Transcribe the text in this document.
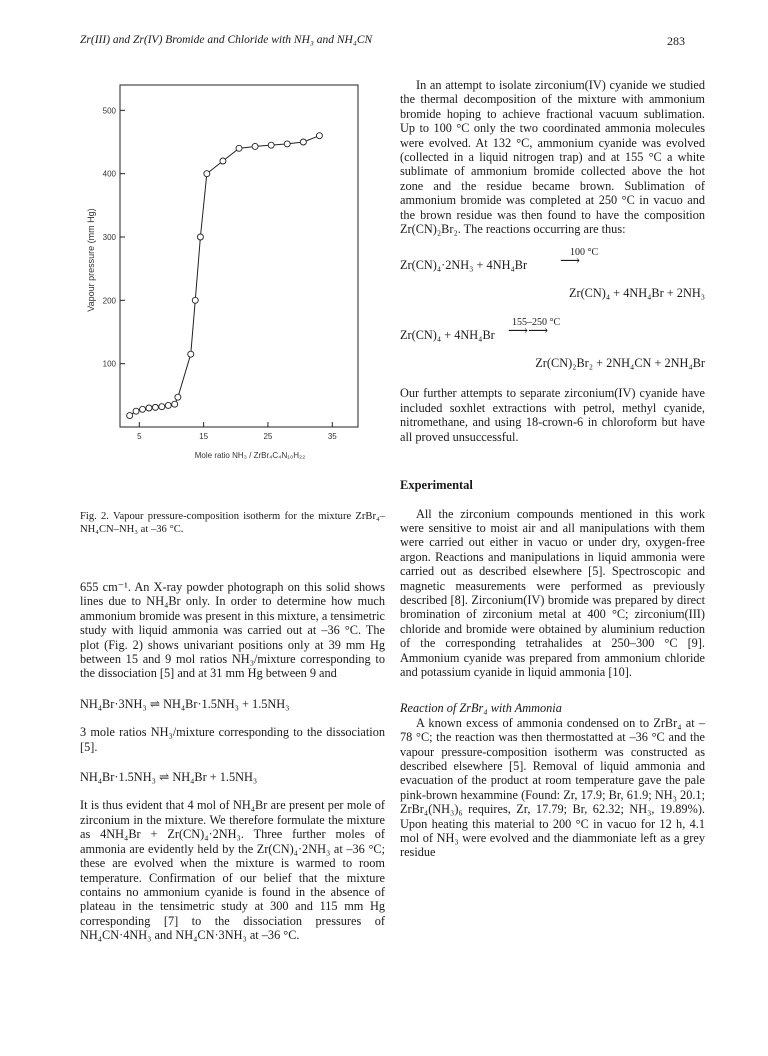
Zr(III) and Zr(IV) Bromide and Chloride with NH₃ and NH₄CN	283
100
200
300
400
500
5	15	25	35
Vapour pressure (mm Hg)
Mole ratio NH₃ / ZrBr₄C₄N₁₀H₂₂
Fig. 2. Vapour pressure-composition isotherm for the mixture ZrBr₄–NH₄CN–NH₃ at –36 °C.

655 cm⁻¹. An X-ray powder photograph on this solid shows lines due to NH₄Br only. In order to determine how much ammonium bromide was present in this mixture, a tensimetric study with liquid ammonia was carried out at –36 °C. The plot (Fig. 2) shows univariant positions only at 39 mm Hg between 15 and 9 mol ratios NH₃/mixture corresponding to the dissociation [5] and at 31 mm Hg between 9 and

NH₄Br·3NH₃ ⇌ NH₄Br·1.5NH₃ + 1.5NH₃

3 mole ratios NH₃/mixture corresponding to the dissociation [5].

NH₄Br·1.5NH₃ ⇌ NH₄Br + 1.5NH₃

It is thus evident that 4 mol of NH₄Br are present per mole of zirconium in the mixture. We therefore formulate the mixture as 4NH₄Br + Zr(CN)₄·2NH₃. Three further moles of ammonia are evidently held by the Zr(CN)₄·2NH₃ at –36 °C; these are evolved when the mixture is warmed to room temperature. Confirmation of our belief that the mixture contains no ammonium cyanide is found in the absence of plateau in the tensimetric study at 300 and 115 mm Hg corresponding [7] to the dissociation pressures of NH₄CN·4NH₃ and NH₄CN·3NH₃ at –36 °C.

In an attempt to isolate zirconium(IV) cyanide we studied the thermal decomposition of the mixture with ammonium bromide hoping to achieve fractional vacuum sublimation. Up to 100 °C only the two coordinated ammonia molecules were evolved. At 132 °C, ammonium cyanide was evolved (collected in a liquid nitrogen trap) and at 155 °C a white sublimate of ammonium bromide collected above the hot zone and the residue became brown. Sublimation of ammonium bromide was completed at 250 °C in vacuo and the brown residue was then found to have the composition Zr(CN)₂Br₂. The reactions occurring are thus:

Zr(CN)₄·2NH₃ + 4NH₄Br
100 °C
⟶
Zr(CN)₄ + 4NH₄Br + 2NH₃
Zr(CN)₄ + 4NH₄Br
155–250 °C
⟶⟶
Zr(CN)₂Br₂ + 2NH₄CN + 2NH₄Br

Our further attempts to separate zirconium(IV) cyanide have included soxhlet extractions with petrol, methyl cyanide, nitromethane, and using 18-crown-6 in chloroform but have all proved unsuccessful.

Experimental

All the zirconium compounds mentioned in this work were sensitive to moist air and all manipulations with them were carried out either in vacuo or under dry, oxygen-free argon. Reactions and manipulations in liquid ammonia were carried out as described elsewhere [5]. Spectroscopic and magnetic measurements were performed as previously described [8]. Zirconium(IV) bromide was prepared by direct bromination of zirconium metal at 400 °C; zirconium(III) chloride and bromide were obtained by aluminium reduction of the corresponding tetrahalides at 250–300 °C [9]. Ammonium cyanide was prepared from ammonium chloride and potassium cyanide in liquid ammonia [10].

Reaction of ZrBr₄ with Ammonia

A known excess of ammonia condensed on to ZrBr₄ at –78 °C; the reaction was then thermostatted at –36 °C and the vapour pressure-composition isotherm was constructed as described elsewhere [5]. Removal of liquid ammonia and evacuation of the product at room temperature gave the pale pink-brown hexammine (Found: Zr, 17.9; Br, 61.9; NH₃ 20.1; ZrBr₄(NH₃)₆ requires, Zr, 17.79; Br, 62.32; NH₃, 19.89%). Upon heating this material to 200 °C in vacuo for 12 h, 4.1 mol of NH₃ were evolved and the diammoniate left as a grey residue
